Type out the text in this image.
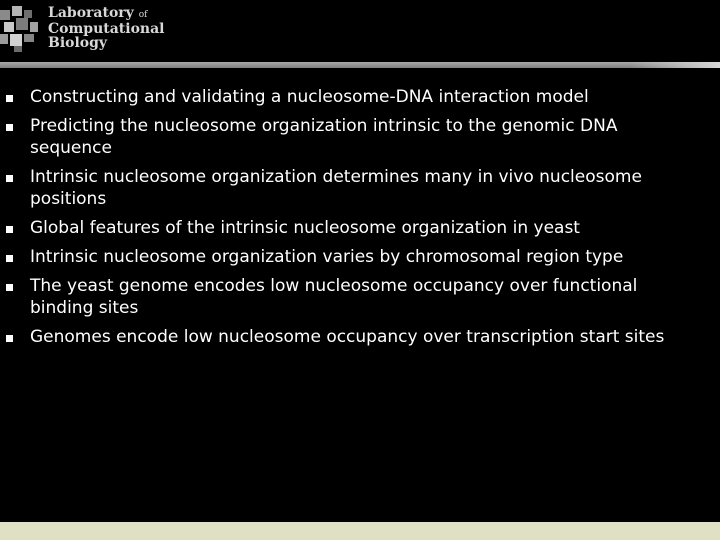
Laboratory of
Computational
Biology
Constructing and validating a nucleosome-DNA interaction model
Predicting the nucleosome organization intrinsic to the genomic DNA
sequence
Intrinsic nucleosome organization determines many in vivo nucleosome
positions
Global features of the intrinsic nucleosome organization in yeast
Intrinsic nucleosome organization varies by chromosomal region type
The yeast genome encodes low nucleosome occupancy over functional
binding sites
Genomes encode low nucleosome occupancy over transcription start sites
